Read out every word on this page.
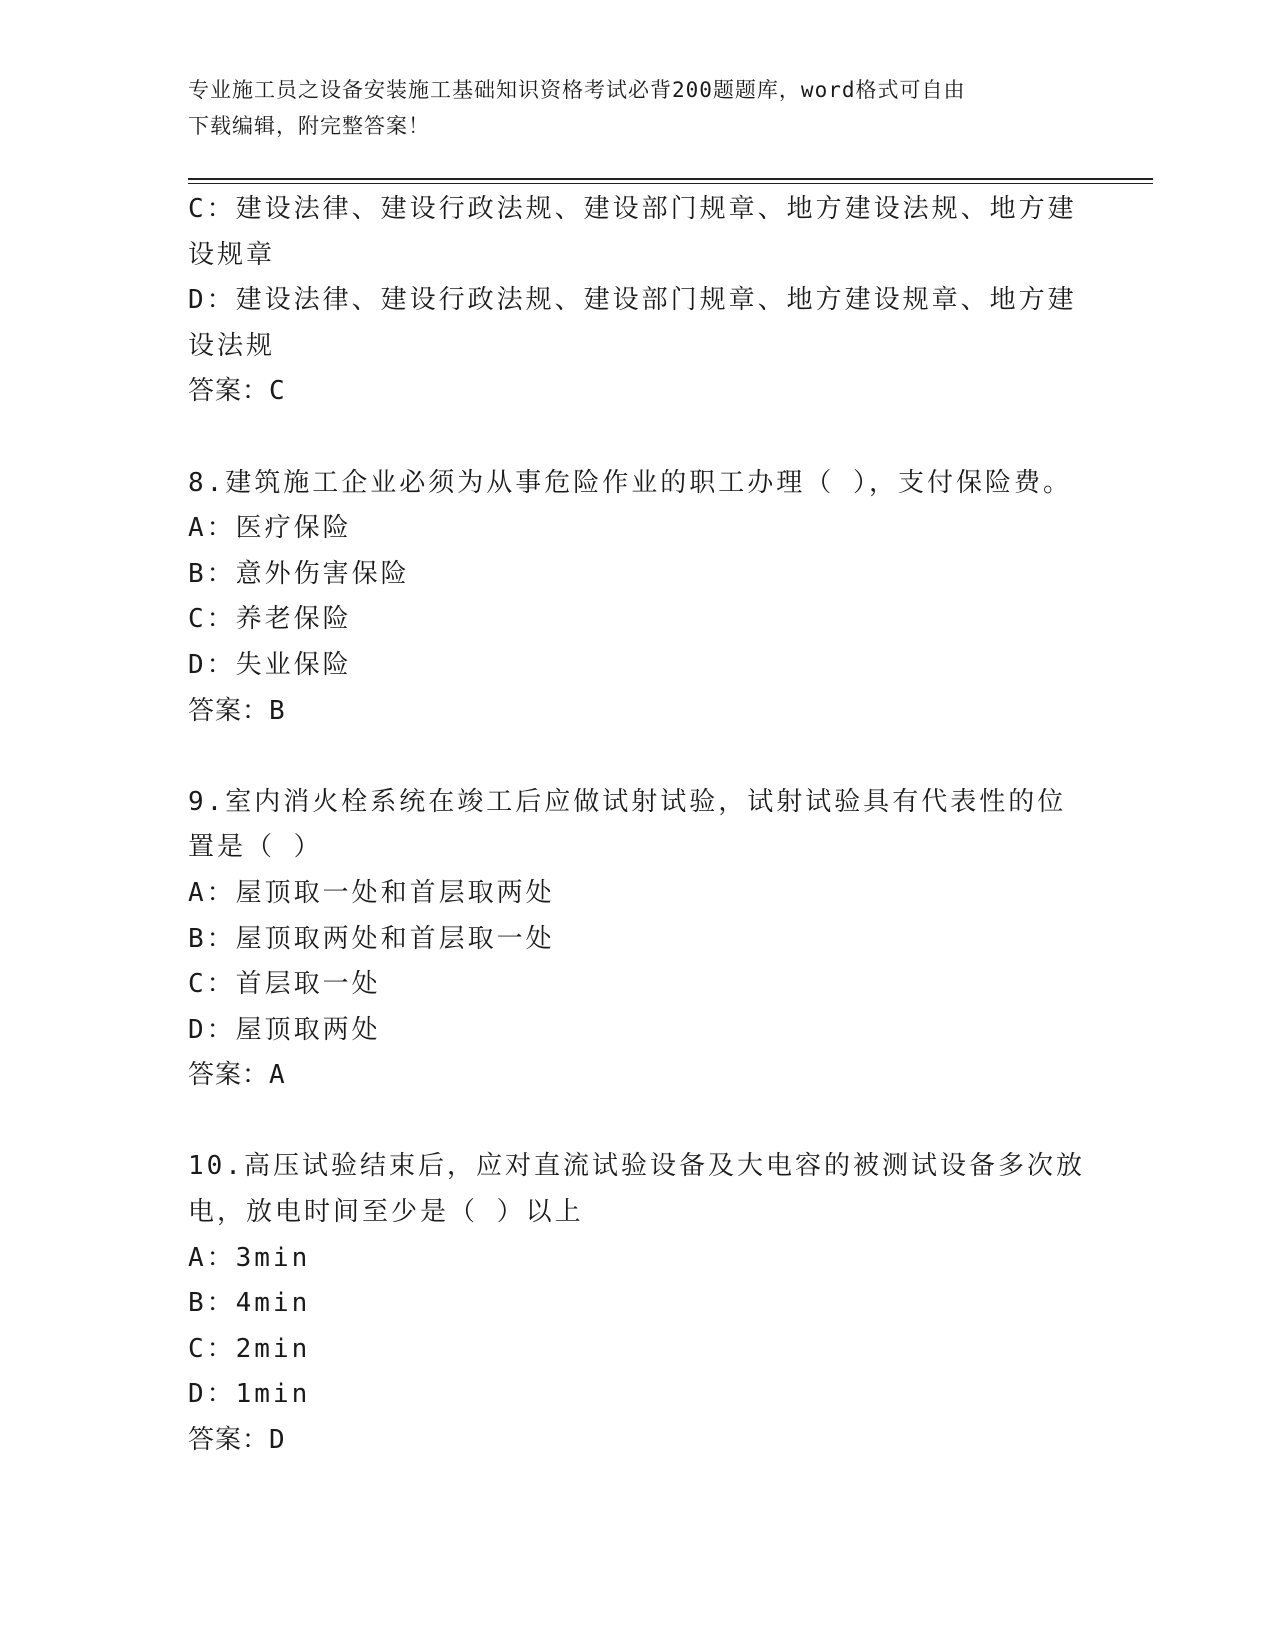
专业施工员之设备安装施工基础知识资格考试必背200题题库，word格式可自由
下载编辑，附完整答案！
C：建设法律、建设行政法规、建设部门规章、地方建设法规、地方建
设规章
D：建设法律、建设行政法规、建设部门规章、地方建设规章、地方建
设法规
答案：C
8.建筑施工企业必须为从事危险作业的职工办理（ ），支付保险费。
A：医疗保险
B：意外伤害保险
C：养老保险
D：失业保险
答案：B
9.室内消火栓系统在竣工后应做试射试验，试射试验具有代表性的位
置是（ ）
A：屋顶取一处和首层取两处
B：屋顶取两处和首层取一处
C：首层取一处
D：屋顶取两处
答案：A
10.高压试验结束后，应对直流试验设备及大电容的被测试设备多次放
电，放电时间至少是（ ）以上
A：3min
B：4min
C：2min
D：1min
答案：D
